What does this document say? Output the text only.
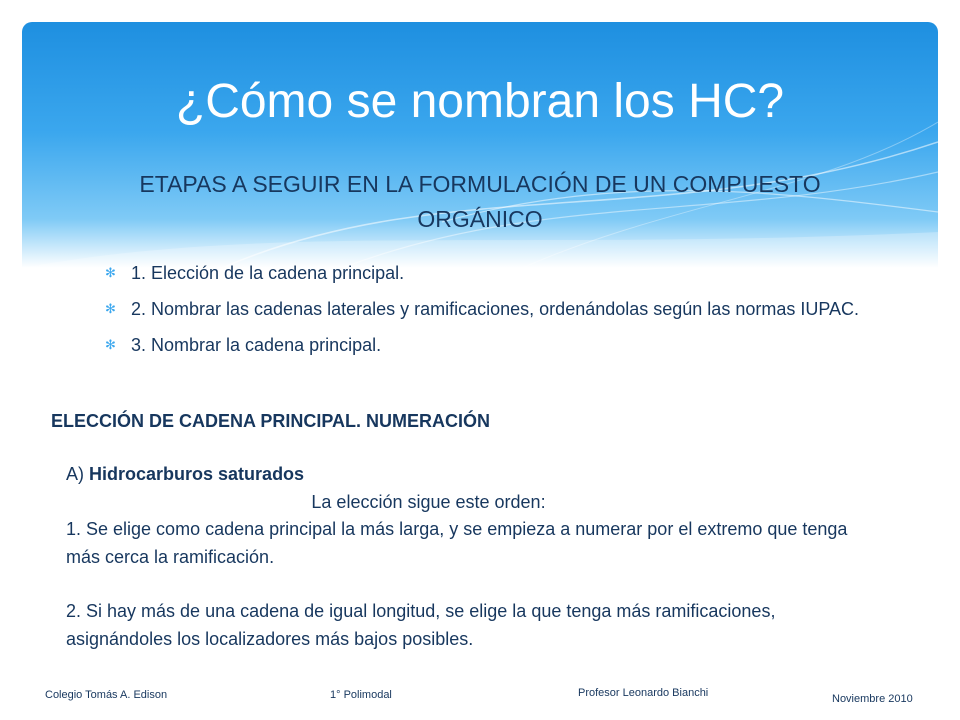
¿Cómo se nombran los HC?
ETAPAS A SEGUIR EN LA FORMULACIÓN DE UN COMPUESTO ORGÁNICO
✻ 1. Elección de la cadena principal.
✻ 2. Nombrar las cadenas laterales y ramificaciones, ordenándolas según las normas IUPAC.
✻ 3. Nombrar la cadena principal.
ELECCIÓN DE CADENA PRINCIPAL. NUMERACIÓN
A) Hidrocarburos saturados
La elección sigue este orden:
1. Se elige como cadena principal la más larga, y se empieza a numerar por el extremo que tenga más cerca la ramificación.
2. Si hay más de una cadena de igual longitud, se elige la que tenga más ramificaciones, asignándoles los localizadores más bajos posibles.
Colegio Tomás A. Edison	1° Polimodal	Profesor Leonardo Bianchi	Noviembre 2010
